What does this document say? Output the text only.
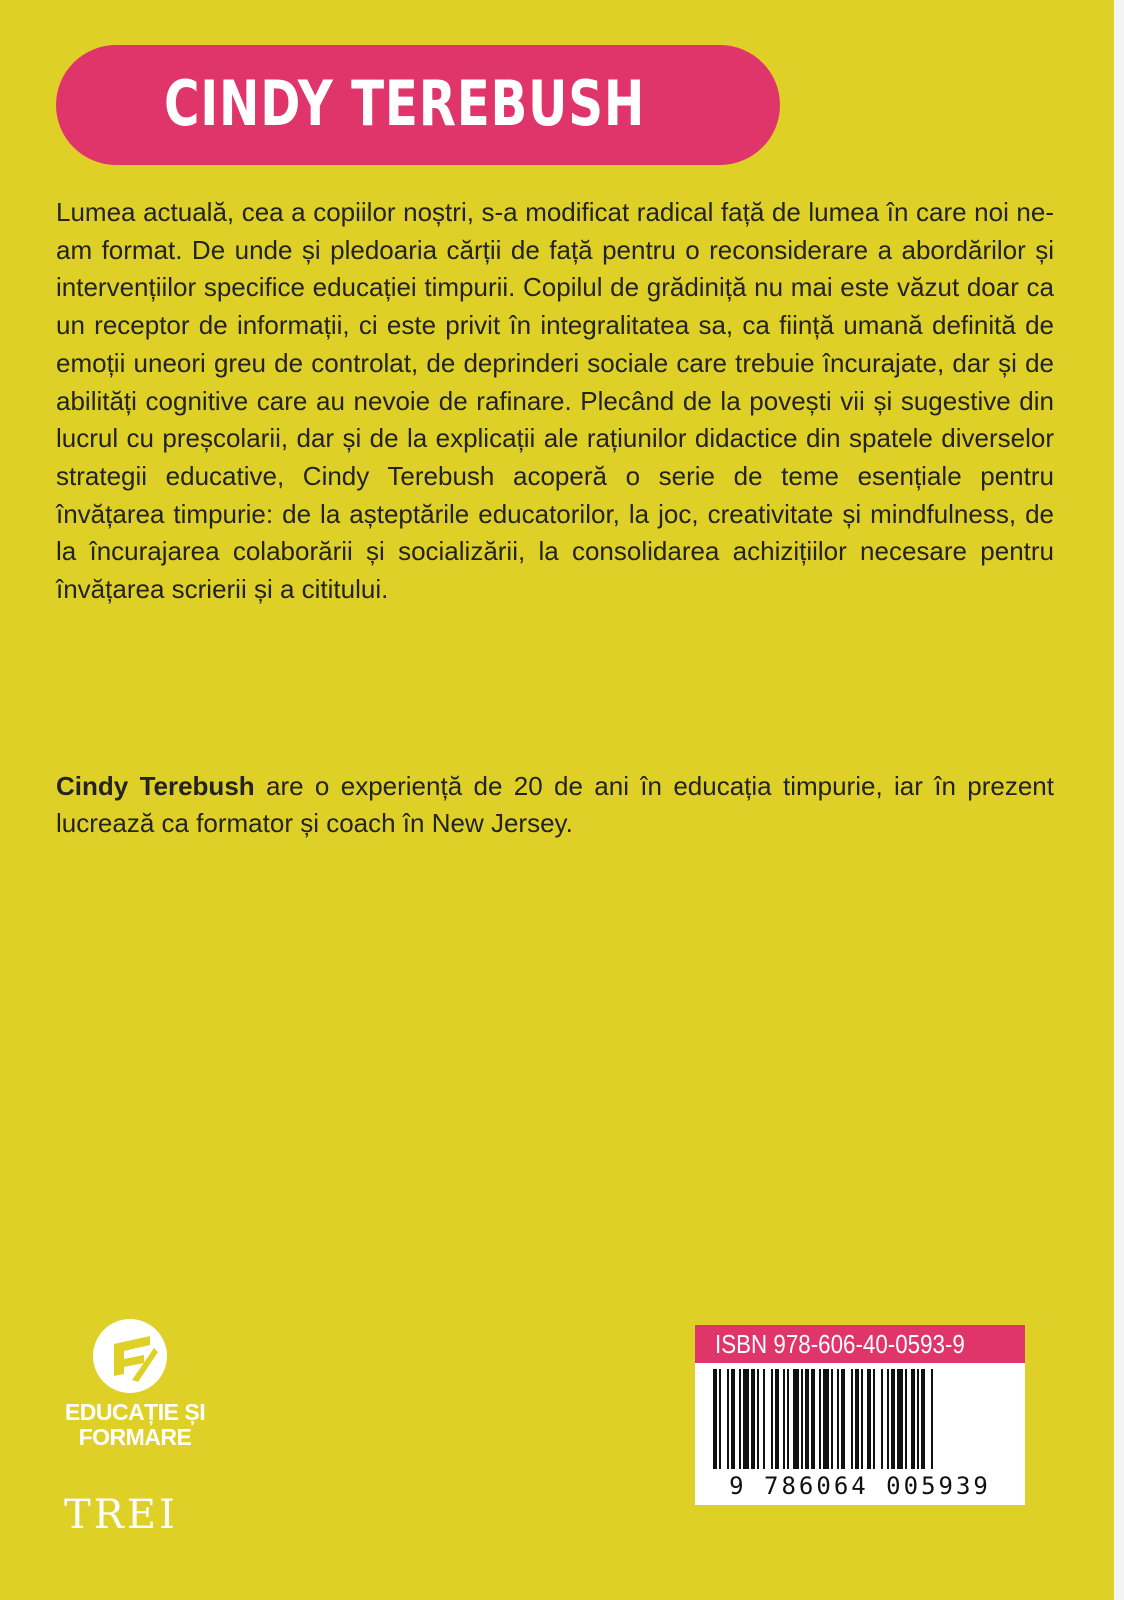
CINDY TEREBUSH

Lumea actuală, cea a copiilor noștri, s-a modificat radical față de lumea în care noi ne-am format. De unde și pledoaria cărții de față pentru o reconsiderare a abordărilor și intervențiilor specifice educației timpurii. Copilul de grădiniță nu mai este văzut doar ca un receptor de informații, ci este privit în integralitatea sa, ca ființă umană definită de emoții uneori greu de controlat, de deprinderi sociale care trebuie încurajate, dar și de abilități cognitive care au nevoie de rafinare. Plecând de la povești vii și sugestive din lucrul cu preșcolarii, dar și de la explicații ale rațiunilor didactice din spatele diverselor strategii educative, Cindy Terebush acoperă o serie de teme esențiale pentru învățarea timpurie: de la așteptările educatorilor, la joc, creativitate și mindfulness, de la încurajarea colaborării și socializării, la consolidarea achizițiilor necesare pentru învățarea scrierii și a cititului.

Cindy Terebush are o experiență de 20 de ani în educația timpurie, iar în prezent lucrează ca formator și coach în New Jersey.

EDUCAȚIE ȘI FORMARE
TREI
ISBN 978-606-40-0593-9
9 786064 005939
